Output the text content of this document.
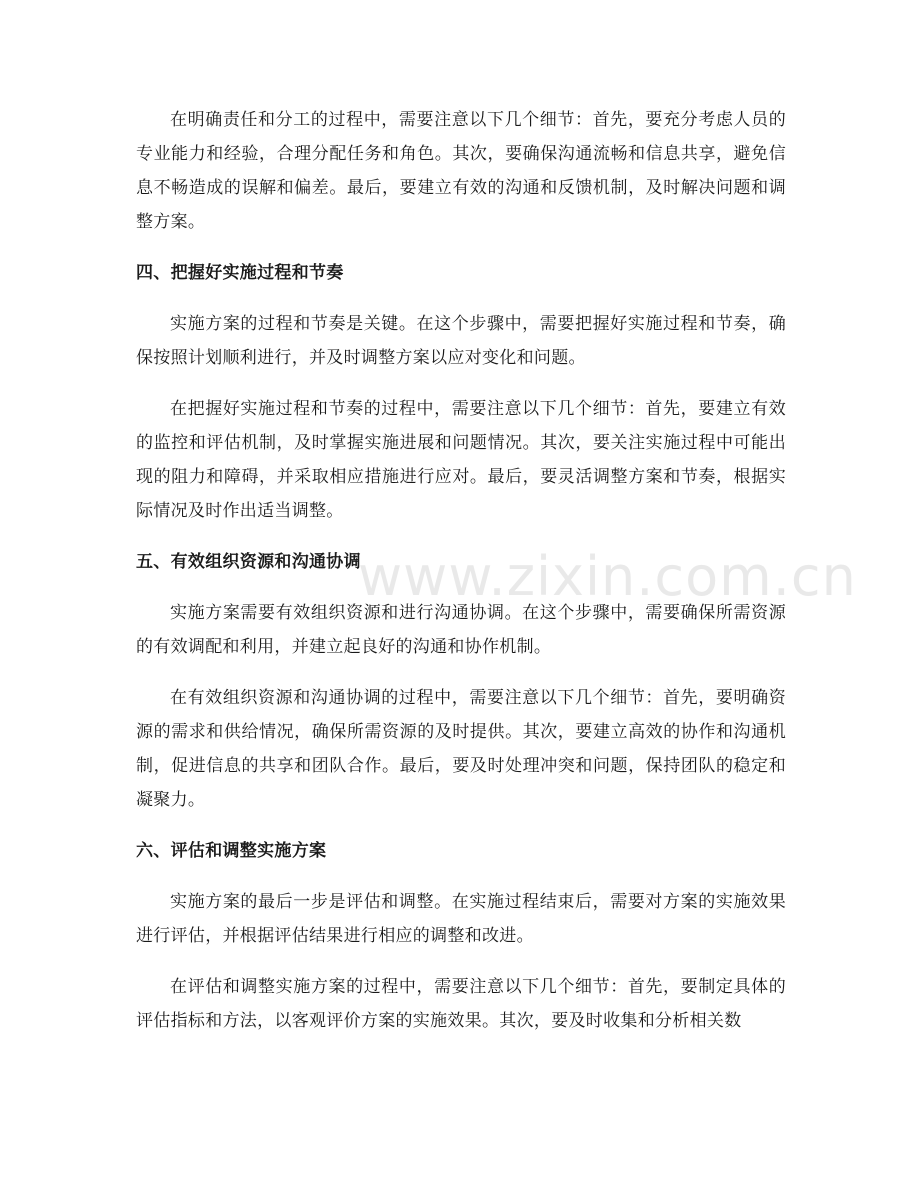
在明确责任和分工的过程中，需要注意以下几个细节：首先，要充分考虑人员的专业能力和经验，合理分配任务和角色。其次，要确保沟通流畅和信息共享，避免信息不畅造成的误解和偏差。最后，要建立有效的沟通和反馈机制，及时解决问题和调整方案。

四、把握好实施过程和节奏

实施方案的过程和节奏是关键。在这个步骤中，需要把握好实施过程和节奏，确保按照计划顺利进行，并及时调整方案以应对变化和问题。

在把握好实施过程和节奏的过程中，需要注意以下几个细节：首先，要建立有效的监控和评估机制，及时掌握实施进展和问题情况。其次，要关注实施过程中可能出现的阻力和障碍，并采取相应措施进行应对。最后，要灵活调整方案和节奏，根据实际情况及时作出适当调整。

五、有效组织资源和沟通协调

实施方案需要有效组织资源和进行沟通协调。在这个步骤中，需要确保所需资源的有效调配和利用，并建立起良好的沟通和协作机制。

在有效组织资源和沟通协调的过程中，需要注意以下几个细节：首先，要明确资源的需求和供给情况，确保所需资源的及时提供。其次，要建立高效的协作和沟通机制，促进信息的共享和团队合作。最后，要及时处理冲突和问题，保持团队的稳定和凝聚力。

六、评估和调整实施方案

实施方案的最后一步是评估和调整。在实施过程结束后，需要对方案的实施效果进行评估，并根据评估结果进行相应的调整和改进。

在评估和调整实施方案的过程中，需要注意以下几个细节：首先，要制定具体的评估指标和方法，以客观评价方案的实施效果。其次，要及时收集和分析相关数

www.zixin.com.cn
